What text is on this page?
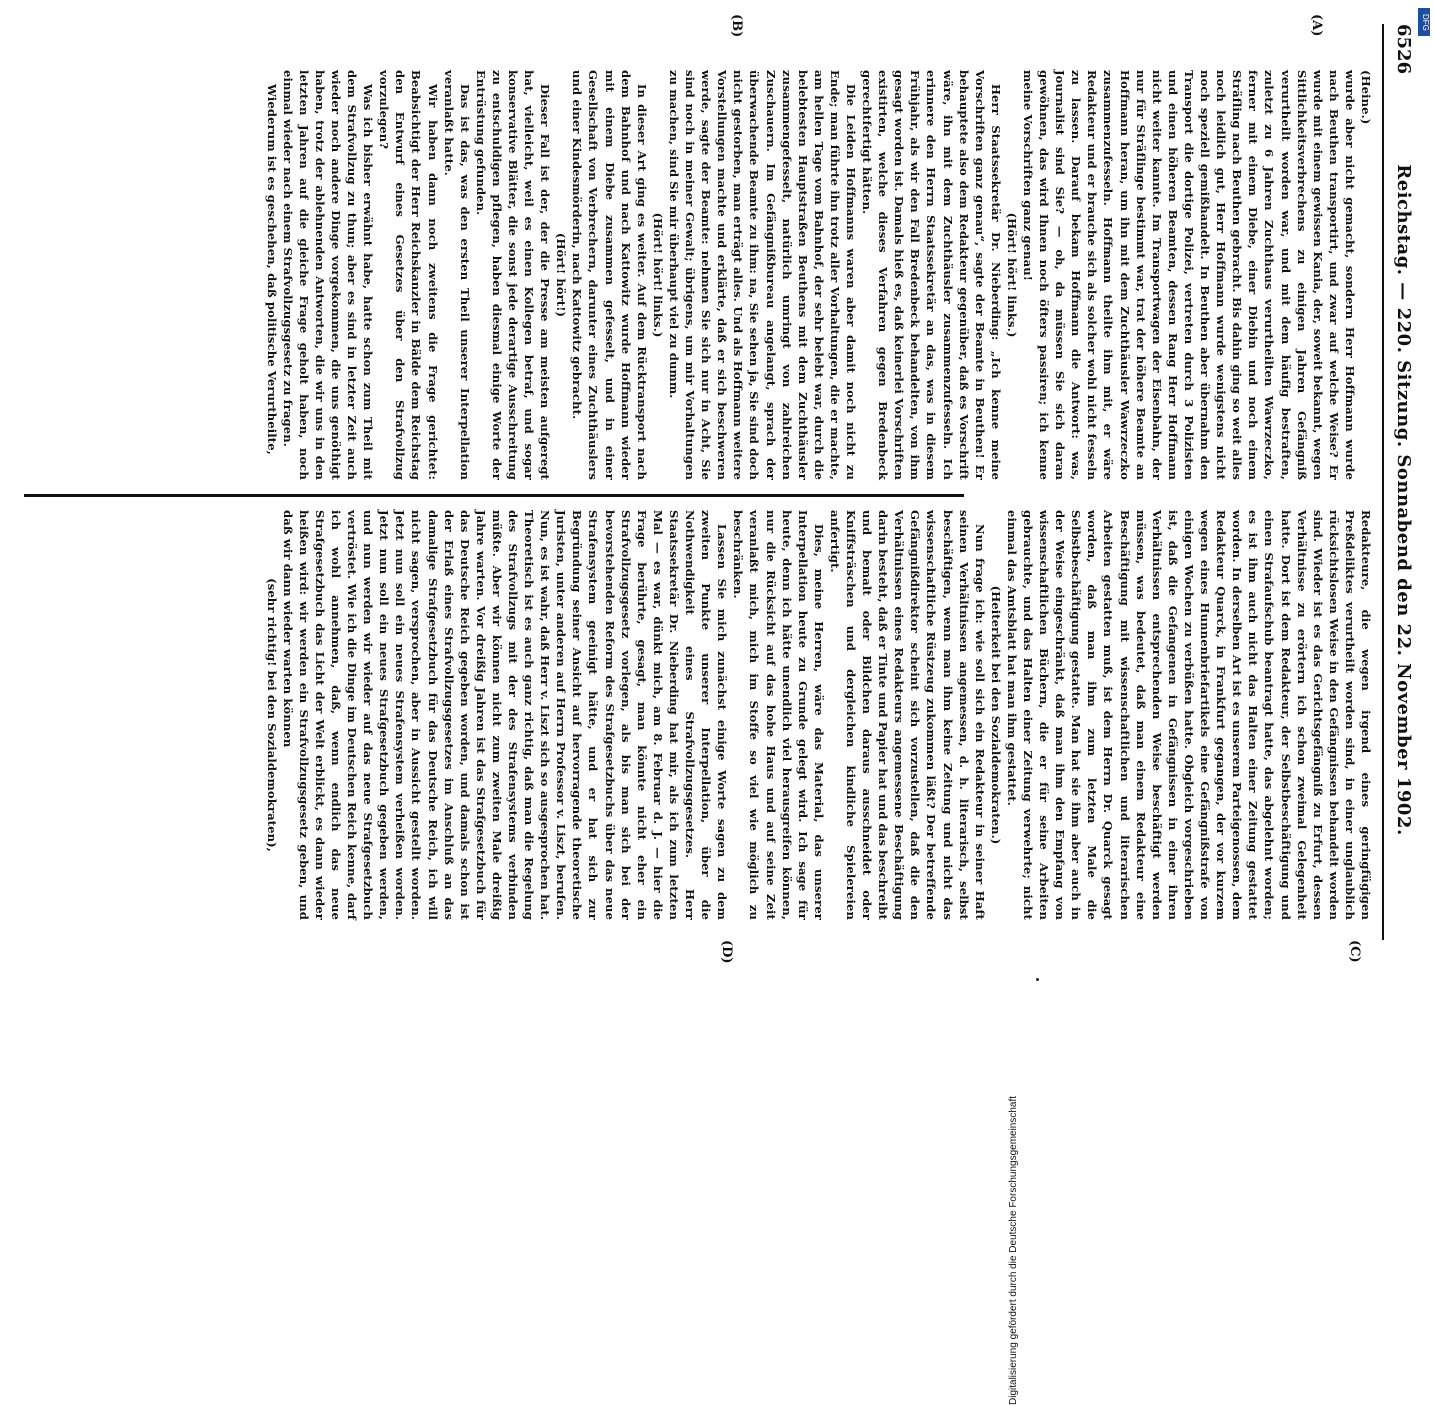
6526
Reichstag. — 220. Sitzung. Sonnabend den 22. November 1902.
(A)
(B)
(C)
(D)

(Heine.)

wurde aber nicht gemacht, sondern Herr Hoffmann wurde nach Beuthen transportirt, und zwar auf welche Weise? Er wurde mit einem gewissen Kania, der, soweit bekannt, wegen Sittlichkeitsverbrechens zu einigen Jahren Gefängniß verurtheilt worden war, und mit dem häufig bestraften, zuletzt zu 6 Jahren Zuchthaus verurtheilten Wawrzeczko, ferner mit einem Diebe, einer Diebin und noch einem Sträfling nach Beuthen gebracht. Bis dahin ging so weit alles noch leidlich gut, Herr Hoffmann wurde wenigstens nicht noch speziell gemißhandelt. In Beuthen aber übernahm den Transport die dortige Polizei, vertreten durch 3 Polizisten und einen höheren Beamten, dessen Rang Herr Hoffmann nicht weiter kannte. Im Transportwagen der Eisenbahn, der nur für Sträflinge bestimmt war, trat der höhere Beamte an Hoffmann heran, um ihn mit dem Zuchthäusler Wawrzeczko zusammenzufesseln. Hoffmann theilte ihm mit, er wäre Redakteur und er brauche sich als solcher wohl nicht fesseln zu lassen. Darauf bekam Hoffmann die Antwort: was, Journalist sind Sie? — oh, da müssen Sie sich daran gewöhnen, das wird Ihnen noch öfters passiren; ich kenne meine Vorschriften ganz genau!

(Hört! hört! links.)

Herr Staatssekretär Dr. Nieberding: „Ich kenne meine Vorschriften ganz genau“, sagte der Beamte in Beuthen! Er behauptete also dem Redakteur gegenüber, daß es Vorschrift wäre, ihn mit dem Zuchthäusler zusammenzufesseln. Ich erinnere den Herrn Staatssekretär an das, was in diesem Frühjahr, als wir den Fall Bredenbeck behandelten, von ihm gesagt worden ist. Damals hieß es, daß keinerlei Vorschriften existirten, welche dieses Verfahren gegen Bredenbeck gerechtfertigt hätten.

Die Leiden Hoffmanns waren aber damit noch nicht zu Ende; man führte ihn trotz aller Vorhaltungen, die er machte, am hellen Tage vom Bahnhof, der sehr belebt war, durch die belebtesten Hauptstraßen Beuthens mit dem Zuchthäusler zusammengefesselt, natürlich umringt von zahlreichen Zuschauern. Im Gefängnißbureau angelangt, sprach der überwachende Beamte zu ihm: na, Sie sehen ja, Sie sind doch nicht gestorben, man erträgt alles. Und als Hoffmann weitere Vorstellungen machte und erklärte, daß er sich beschweren werde, sagte der Beamte: nehmen Sie sich nur in Acht, Sie sind noch in meiner Gewalt; übrigens, um mir Vorhaltungen zu machen, sind Sie mir überhaupt viel zu dumm.

(Hört! hört! links.)

In dieser Art ging es weiter. Auf dem Rücktransport nach dem Bahnhof und nach Kattowitz wurde Hoffmann wieder mit einem Diebe zusammen gefesselt, und in einer Gesellschaft von Verbrechern, darunter eines Zuchthäuslers und einer Kindesmörderin, nach Kattowitz gebracht.

(Hört! hört!)

Dieser Fall ist der, der die Presse am meisten aufgeregt hat, vielleicht, weil es einen Kollegen betraf, und sogar konservative Blätter, die sonst jede derartige Ausschreitung zu entschuldigen pflegen, haben diesmal einige Worte der Entrüstung gefunden.

Das ist das, was den ersten Theil unserer Interpellation veranlaßt hatte.

Wir haben dann noch zweitens die Frage gerichtet: Beabsichtigt der Herr Reichskanzler in Bälde dem Reichstag den Entwurf eines Gesetzes über den Strafvollzug vorzulegen?

Was ich bisher erwähnt habe, hatte schon zum Theil mit dem Strafvollzug zu thun; aber es sind in letzter Zeit auch wieder noch andere Dinge vorgekommen, die uns genöthigt haben, trotz der ablehnenden Antworten, die wir uns in den letzten Jahren auf die gleiche Frage geholt haben, noch einmal wieder nach einem Strafvollzugsgesetz zu fragen.

Wiederum ist es geschehen, daß politische Verurtheilte,

Redakteure, die wegen irgend eines geringfügigen Preßdeliktes verurtheilt worden sind, in einer unglaublich rücksichtslosen Weise in den Gefängnissen behandelt worden sind. Wieder ist es das Gerichtsgefängniß zu Erfurt, dessen Verhältnisse zu erörtern ich schon zweimal Gelegenheit hatte. Dort ist dem Redakteur, der Selbstbeschäftigung und einen Strafaufschub beantragt hatte, das abgelehnt worden; es ist ihm auch nicht das Halten einer Zeitung gestattet worden. In derselben Art ist es unserem Parteigenossen, dem Redakteur Quarck, in Frankfurt gegangen, der vor kurzem wegen eines Hunnenbriefartikels eine Gefängnißstrafe von einigen Wochen zu verbüßen hatte. Obgleich vorgeschrieben ist, daß die Gefangenen in Gefängnissen in einer ihren Verhältnissen entsprechenden Weise beschäftigt werden müssen, was bedeutet, daß man einem Redakteur eine Beschäftigung mit wissenschaftlichen und literarischen Arbeiten gestatten muß, ist dem Herrn Dr. Quarck gesagt worden, daß man ihm zum letzten Male die Selbstbeschäftigung gestatte. Man hat sie ihm aber auch in der Weise eingeschränkt, daß man ihm den Empfang von wissenschaftlichen Büchern, die er für seine Arbeiten gebrauchte, und das Halten einer Zeitung verwehrte; nicht einmal das Amtsblatt hat man ihm gestattet.

(Heiterkeit bei den Sozialdemokraten.)

Nun frage ich: wie soll sich ein Redakteur in seiner Haft seinen Verhältnissen angemessen, d. h. literarisch, selbst beschäftigen, wenn man ihm keine Zeitung und nicht das wissenschaftliche Rüstzeug zukommen läßt? Der betreffende Gefängnißdirektor scheint sich vorzustellen, daß die den Verhältnissen eines Redakteurs angemessene Beschäftigung darin besteht, daß er Tinte und Papier hat und das beschreibt und bemalt oder Bildchen daraus ausschneidet oder Kniffsträschen und dergleichen kindliche Spielereien anfertigt.

Dies, meine Herren, wäre das Material, das unserer Interpellation heute zu Grunde gelegt wird. Ich sage für heute, denn ich hätte unendlich viel herausgreifen können, nur die Rücksicht auf das hohe Haus und auf seine Zeit veranlaßt mich, mich im Stoffe so viel wie möglich zu beschränken.

Lassen Sie mich zunächst einige Worte sagen zu dem zweiten Punkte unserer Interpellation, über die Nothwendigkeit eines Strafvollzugsgesetzes. Herr Staatssekretär Dr. Nieberding hat mir, als ich zum letzten Mal — es war, dünkt mich, am 8. Februar d. J. — hier die Frage berührte, gesagt, man könnte nicht eher ein Strafvollzugsgesetz vorlegen, als bis man sich bei der bevorstehenden Reform des Strafgesetzbuchs über das neue Strafensystem geeinigt hätte, und er hat sich zur Begründung seiner Ansicht auf hervorragende theoretische Juristen, unter anderen auf Herrn Professor v. Liszt, berufen. Nun, es ist wahr, daß Herr v. Liszt sich so ausgesprochen hat. Theoretisch ist es auch ganz richtig, daß man die Regelung des Strafvollzugs mit der des Strafensystems verbinden müßte. Aber wir können nicht zum zweiten Male dreißig Jahre warten. Vor dreißig Jahren ist das Strafgesetzbuch für das Deutsche Reich gegeben worden, und damals schon ist der Erlaß eines Strafvollzugsgesetzes im Anschluß an das damalige Strafgesetzbuch für das Deutsche Reich, ich will nicht sagen, versprochen, aber in Aussicht gestellt worden. Jetzt nun soll ein neues Strafensystem verheißen worden. Jetzt nun soll ein neues Strafgesetzbuch gegeben werden, und nun werden wir wieder auf das neue Strafgesetzbuch vertröstet. Wie ich die Dinge im Deutschen Reich kenne, darf ich wohl annehmen, daß, wenn endlich das neue Strafgesetzbuch das Licht der Welt erblickt, es dann wieder heißen wird: wir werden ein Strafvollzugsgesetz geben, und daß wir dann wieder warten können

(sehr richtig! bei den Sozialdemokraten),

Digitalisierung gefördert durch die Deutsche Forschungsgemeinschaft
DFG
